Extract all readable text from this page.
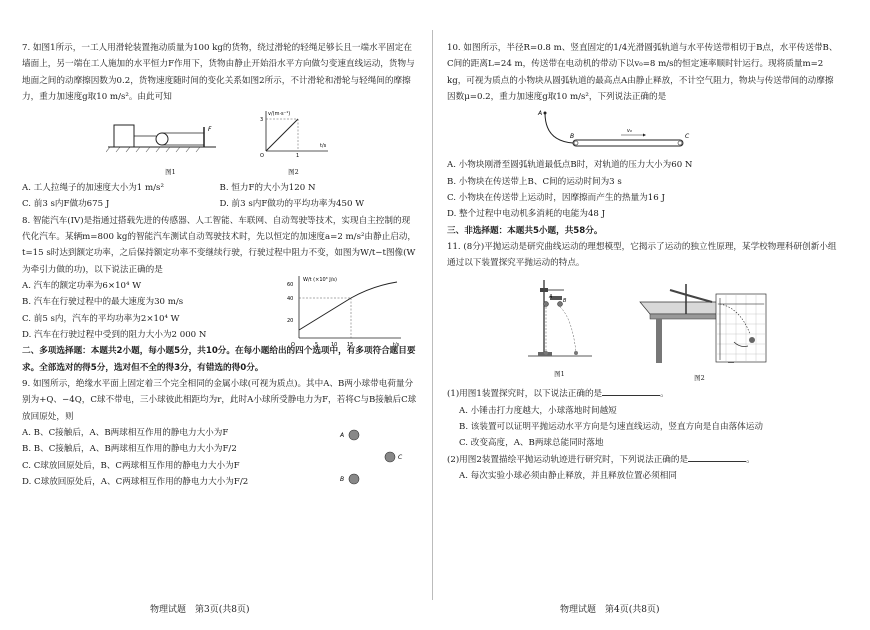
7. 如图1所示，一工人用滑轮装置拖动质量为100 kg的货物，绕过滑轮的轻绳足够长且一端水平固定在墙面上，另一端在工人施加的水平恒力F作用下，货物由静止开始沿水平方向做匀变速直线运动，货物与地面之间的动摩擦因数为0.2，货物速度随时间的变化关系如图2所示，不计滑轮和滑轮与轻绳间的摩擦力，重力加速度g取10 m/s²。由此可知

F
图1
v/(m·s⁻¹)
t/s
3
1
O
图2

A. 工人拉绳子的加速度大小为1 m/s²	B. 恒力F的大小为120 N

C. 前3 s内F做功675 J	D. 前3 s内F做功的平均功率为450 W

8. 智能汽车(IV)是指通过搭载先进的传感器、人工智能、车联网、自动驾驶等技术，实现自主控制的现代化汽车。某辆m=800 kg的智能汽车测试自动驾驶技术时，先以恒定的加速度a=2 m/s²由静止启动，t=15 s时达到额定功率，之后保持额定功率不变继续行驶，行驶过程中阻力不变，如图为W/t−t图像(W为牵引力做的功)，以下说法正确的是

A. 汽车的额定功率为6×10⁴ W

B. 汽车在行驶过程中的最大速度为30 m/s

C. 前5 s内，汽车的平均功率为2×10⁴ W

D. 汽车在行驶过程中受到的阻力大小为2 000 N

W/t (×10³ J/s)
t/s
60
40
20
5	10 15
O

二、多项选择题：本题共2小题，每小题5分，共10分。在每小题给出的四个选项中，有多项符合题目要求。全部选对的得5分，选对但不全的得3分，有错选的得0分。

9. 如图所示，绝缘水平面上固定着三个完全相同的金属小球(可视为质点)。其中A、B两小球带电荷量分别为+Q、−4Q，C球不带电，三小球彼此相距均为r，此时A小球所受静电力为F，若将C与B接触后C球放回原处，则

A. B、C接触后，A、B两球相互作用的静电力大小为F

B. B、C接触后，A、B两球相互作用的静电力大小为F/2

C. C球放回原处后，B、C两球相互作用的静电力大小为F

D. C球放回原处后，A、C两球相互作用的静电力大小为F/2

A
B
C

10. 如图所示，半径R=0.8 m、竖直固定的1/4光滑圆弧轨道与水平传送带相切于B点，水平传送带B、C间的距离L=24 m，传送带在电动机的带动下以v₀=8 m/s的恒定速率顺时针运行。现将质量m=2 kg，可视为质点的小物块从圆弧轨道的最高点A由静止释放，不计空气阻力，物块与传送带间的动摩擦因数μ=0.2，重力加速度g取10 m/s²，下列说法正确的是

A
B	C
v₀

A. 小物块刚滑至圆弧轨道最低点B时，对轨道的压力大小为60 N

B. 小物块在传送带上B、C间的运动时间为3 s

C. 小物块在传送带上运动时，因摩擦而产生的热量为16 J

D. 整个过程中电动机多消耗的电能为48 J

三、非选择题：本题共5小题，共58分。

11. (8分)平抛运动是研究曲线运动的理想模型，它揭示了运动的独立性原理，某学校物理科研创新小组通过以下装置探究平抛运动的特点。

A
B
图1	图2

(1)用图1装置探究时，以下说法正确的是	。

A. 小锤击打力度越大，小球落地时间越短

B. 该装置可以证明平抛运动水平方向是匀速直线运动，竖直方向是自由落体运动

C. 改变高度，A、B两球总能同时落地

(2)用图2装置描绘平抛运动轨迹进行研究时，下列说法正确的是	。

A. 每次实验小球必须由静止释放，并且释放位置必须相同

物理试题　第3页(共8页)	物理试题　第4页(共8页)
